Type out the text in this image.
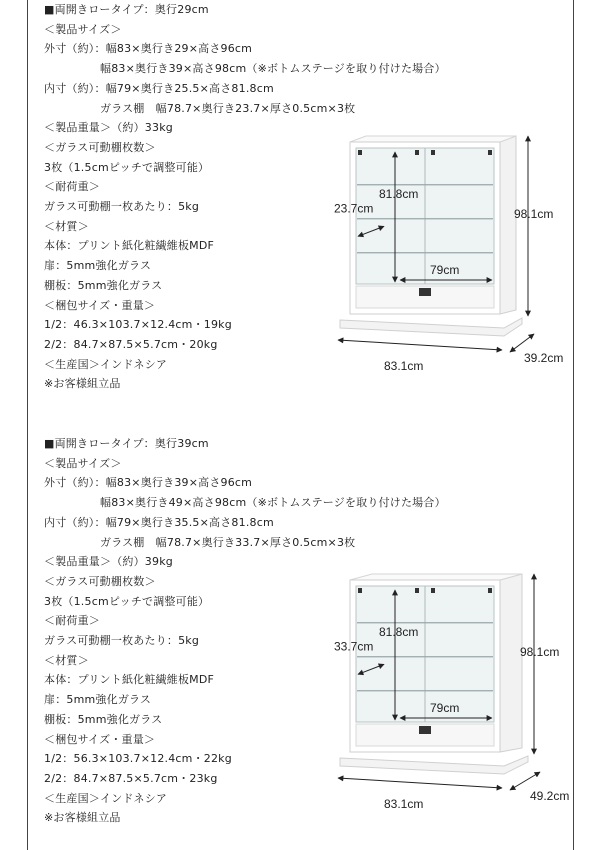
■両開きロータイプ：奥行29cm
＜製品サイズ＞
外寸（約）：幅83×奥行き29×高さ96cm
幅83×奥行き39×高さ98cm（※ボトムステージを取り付けた場合）
内寸（約）：幅79×奥行き25.5×高さ81.8cm
ガラス棚　幅78.7×奥行き23.7×厚さ0.5cm×3枚
＜製品重量＞（約）33kg
＜ガラス可動棚枚数＞
3枚（1.5cmピッチで調整可能）
＜耐荷重＞
ガラス可動棚一枚あたり：5kg
＜材質＞
本体：プリント紙化粧繊維板MDF
扉：5mm強化ガラス
棚板：5mm強化ガラス
＜梱包サイズ・重量＞
1/2：46.3×103.7×12.4cm・19kg
2/2：84.7×87.5×5.7cm・20kg
＜生産国＞インドネシア
※お客様組立品
■両開きロータイプ：奥行39cm
＜製品サイズ＞
外寸（約）：幅83×奥行き39×高さ96cm
幅83×奥行き49×高さ98cm（※ボトムステージを取り付けた場合）
内寸（約）：幅79×奥行き35.5×高さ81.8cm
ガラス棚　幅78.7×奥行き33.7×厚さ0.5cm×3枚
＜製品重量＞（約）39kg
＜ガラス可動棚枚数＞
3枚（1.5cmピッチで調整可能）
＜耐荷重＞
ガラス可動棚一枚あたり：5kg
＜材質＞
本体：プリント紙化粧繊維板MDF
扉：5mm強化ガラス
棚板：5mm強化ガラス
＜梱包サイズ・重量＞
1/2：56.3×103.7×12.4cm・22kg
2/2：84.7×87.5×5.7cm・23kg
＜生産国＞インドネシア
※お客様組立品
81.8cm
23.7cm
79cm
98.1cm
83.1cm
39.2cm
81.8cm
33.7cm
79cm
98.1cm
83.1cm
49.2cm
